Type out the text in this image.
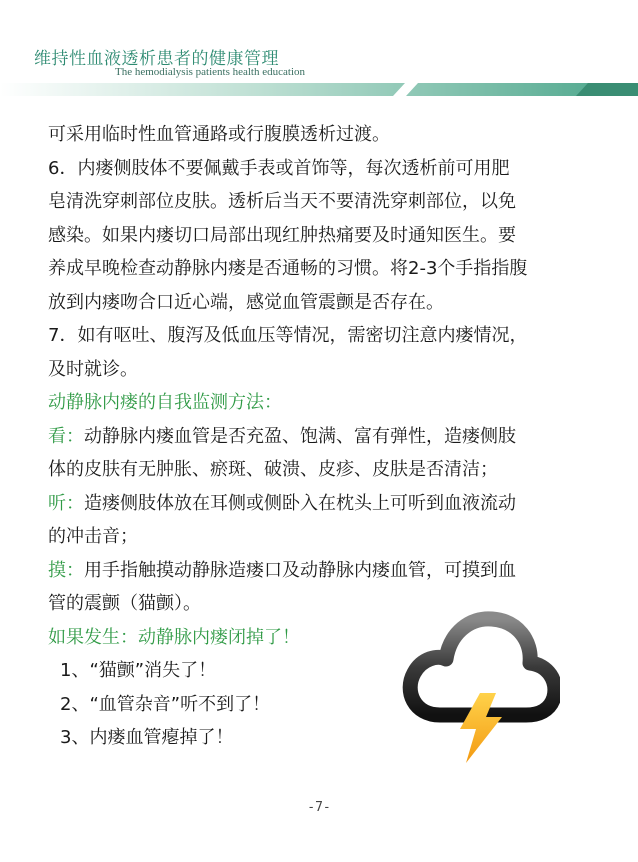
维持性血液透析患者的健康管理
The hemodialysis patients health education
可采用临时性血管通路或行腹膜透析过渡。
6．内瘘侧肢体不要佩戴手表或首饰等，每次透析前可用肥
皂清洗穿刺部位皮肤。透析后当天不要清洗穿刺部位，以免
感染。如果内瘘切口局部出现红肿热痛要及时通知医生。要
养成早晚检查动静脉内瘘是否通畅的习惯。将2-3个手指指腹
放到内瘘吻合口近心端，感觉血管震颤是否存在。
7．如有呕吐、腹泻及低血压等情况，需密切注意内瘘情况，
及时就诊。
动静脉内瘘的自我监测方法：
看：动静脉内瘘血管是否充盈、饱满、富有弹性，造瘘侧肢
体的皮肤有无肿胀、瘀斑、破溃、皮疹、皮肤是否清洁；
听：造瘘侧肢体放在耳侧或侧卧入在枕头上可听到血液流动
的冲击音；
摸：用手指触摸动静脉造瘘口及动静脉内瘘血管，可摸到血
管的震颤（猫颤）。
如果发生：动静脉内瘘闭掉了！
1、“猫颤”消失了！
2、“血管杂音”听不到了！
3、内瘘血管瘪掉了！
-7-
